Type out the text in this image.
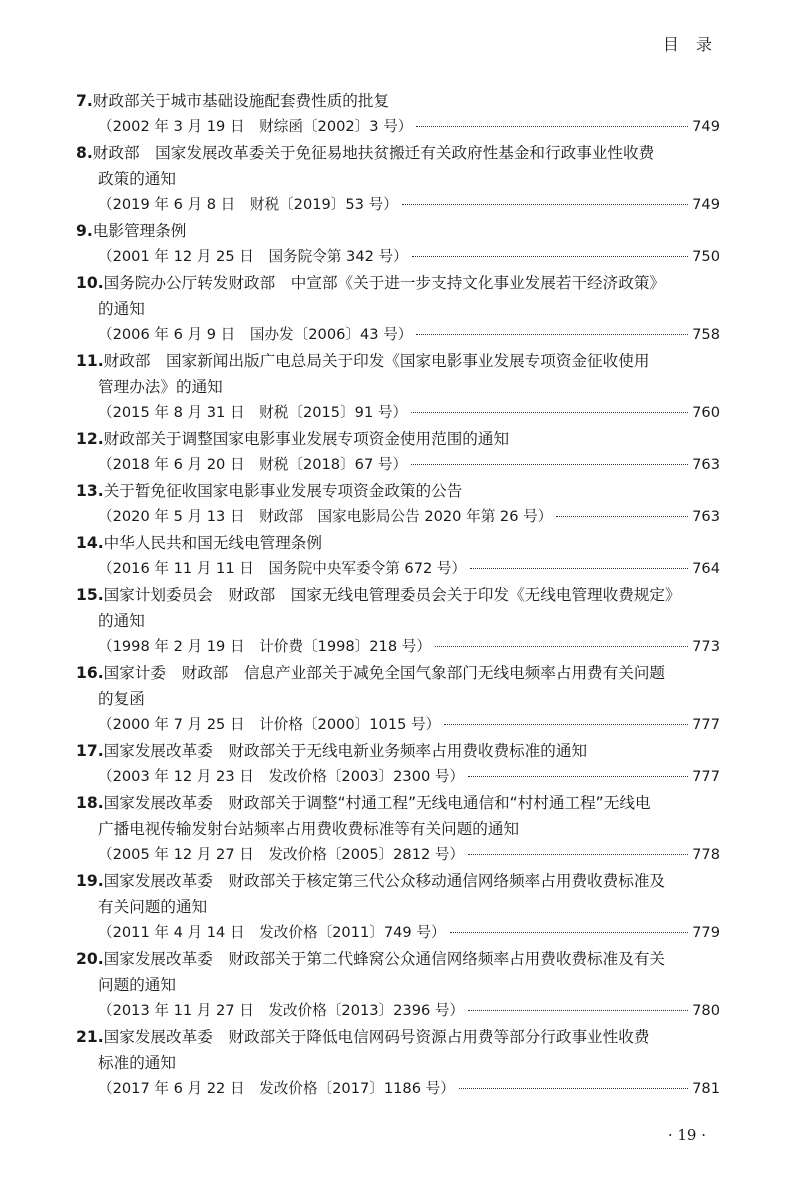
目 录
7.财政部关于城市基础设施配套费性质的批复
（2002 年 3 月 19 日　财综函〔2002〕3 号）	749
8.财政部　国家发展改革委关于免征易地扶贫搬迁有关政府性基金和行政事业性收费
政策的通知
（2019 年 6 月 8 日　财税〔2019〕53 号）	749
9.电影管理条例
（2001 年 12 月 25 日　国务院令第 342 号）	750
10.国务院办公厅转发财政部　中宣部《关于进一步支持文化事业发展若干经济政策》
的通知
（2006 年 6 月 9 日　国办发〔2006〕43 号）	758
11.财政部　国家新闻出版广电总局关于印发《国家电影事业发展专项资金征收使用
管理办法》的通知
（2015 年 8 月 31 日　财税〔2015〕91 号）	760
12.财政部关于调整国家电影事业发展专项资金使用范围的通知
（2018 年 6 月 20 日　财税〔2018〕67 号）	763
13.关于暂免征收国家电影事业发展专项资金政策的公告
（2020 年 5 月 13 日　财政部　国家电影局公告 2020 年第 26 号）	763
14.中华人民共和国无线电管理条例
（2016 年 11 月 11 日　国务院中央军委令第 672 号）	764
15.国家计划委员会　财政部　国家无线电管理委员会关于印发《无线电管理收费规定》
的通知
（1998 年 2 月 19 日　计价费〔1998〕218 号）	773
16.国家计委　财政部　信息产业部关于减免全国气象部门无线电频率占用费有关问题
的复函
（2000 年 7 月 25 日　计价格〔2000〕1015 号）	777
17.国家发展改革委　财政部关于无线电新业务频率占用费收费标准的通知
（2003 年 12 月 23 日　发改价格〔2003〕2300 号）	777
18.国家发展改革委　财政部关于调整“村通工程”无线电通信和“村村通工程”无线电
广播电视传输发射台站频率占用费收费标准等有关问题的通知
（2005 年 12 月 27 日　发改价格〔2005〕2812 号）	778
19.国家发展改革委　财政部关于核定第三代公众移动通信网络频率占用费收费标准及
有关问题的通知
（2011 年 4 月 14 日　发改价格〔2011〕749 号）	779
20.国家发展改革委　财政部关于第二代蜂窝公众通信网络频率占用费收费标准及有关
问题的通知
（2013 年 11 月 27 日　发改价格〔2013〕2396 号）	780
21.国家发展改革委　财政部关于降低电信网码号资源占用费等部分行政事业性收费
标准的通知
（2017 年 6 月 22 日　发改价格〔2017〕1186 号）	781
· 19 ·
